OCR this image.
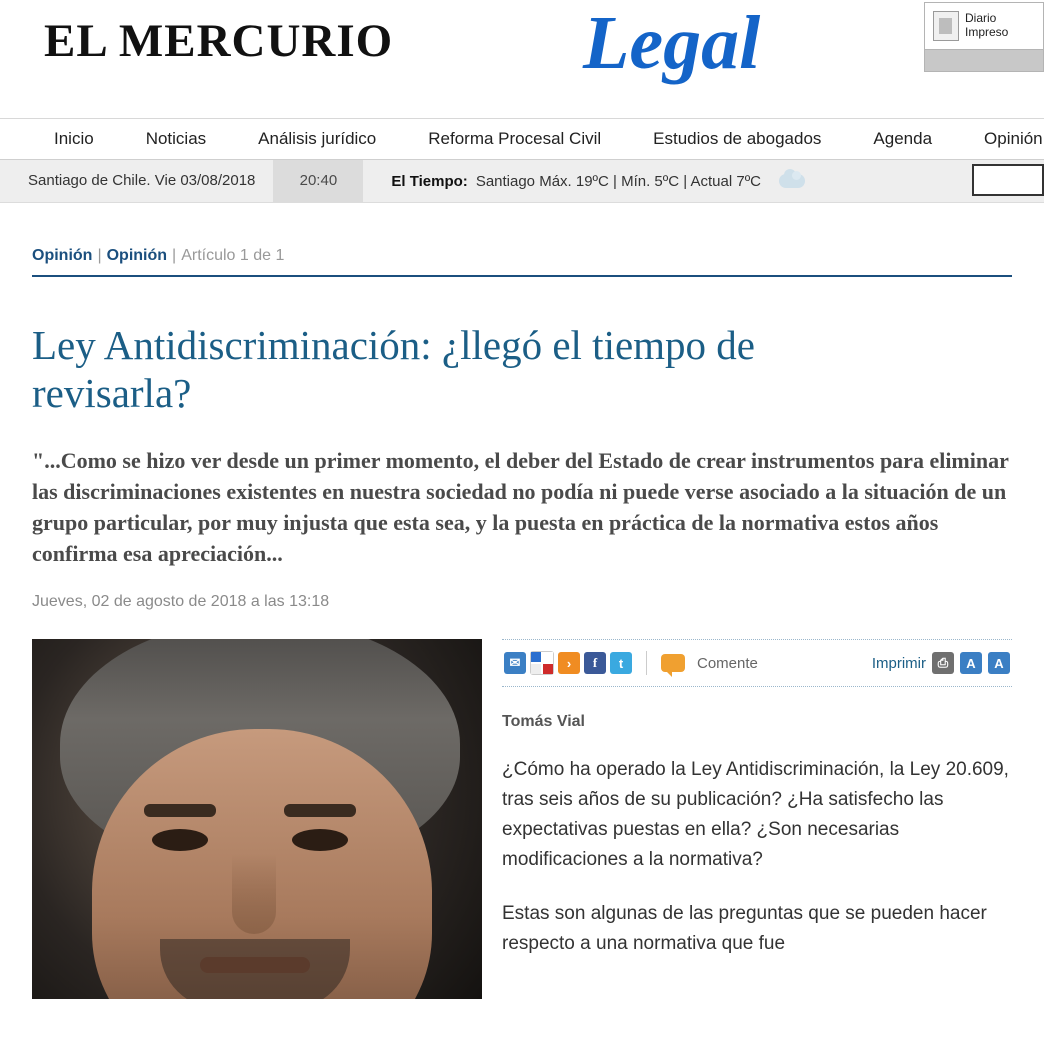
EL MERCURIO Legal	Diario
Impreso
Inicio	Noticias	Análisis jurídico	Reforma Procesal Civil	Estudios de abogados	Agenda	Opinión
Santiago de Chile. Vie 03/08/2018	20:40	El Tiempo: Santiago Máx. 19ºC | Mín. 5ºC | Actual 7ºC
Opinión | Opinión | Artículo 1 de 1
Ley Antidiscriminación: ¿llegó el tiempo de revisarla?
"...Como se hizo ver desde un primer momento, el deber del Estado de crear instrumentos para eliminar las discriminaciones existentes en nuestra sociedad no podía ni puede verse asociado a la situación de un grupo particular, por muy injusta que esta sea, y la puesta en práctica de la normativa estos años confirma esa apreciación...
Jueves, 02 de agosto de 2018 a las 13:18
✉	›	f	t	Comente	Imprimir ⎙	A	A
Tomás Vial
¿Cómo ha operado la Ley Antidiscriminación, la Ley 20.609, tras seis años de su publicación? ¿Ha satisfecho las expectativas puestas en ella? ¿Son necesarias modificaciones a la normativa?
Estas son algunas de las preguntas que se pueden hacer respecto a una normativa que fue
